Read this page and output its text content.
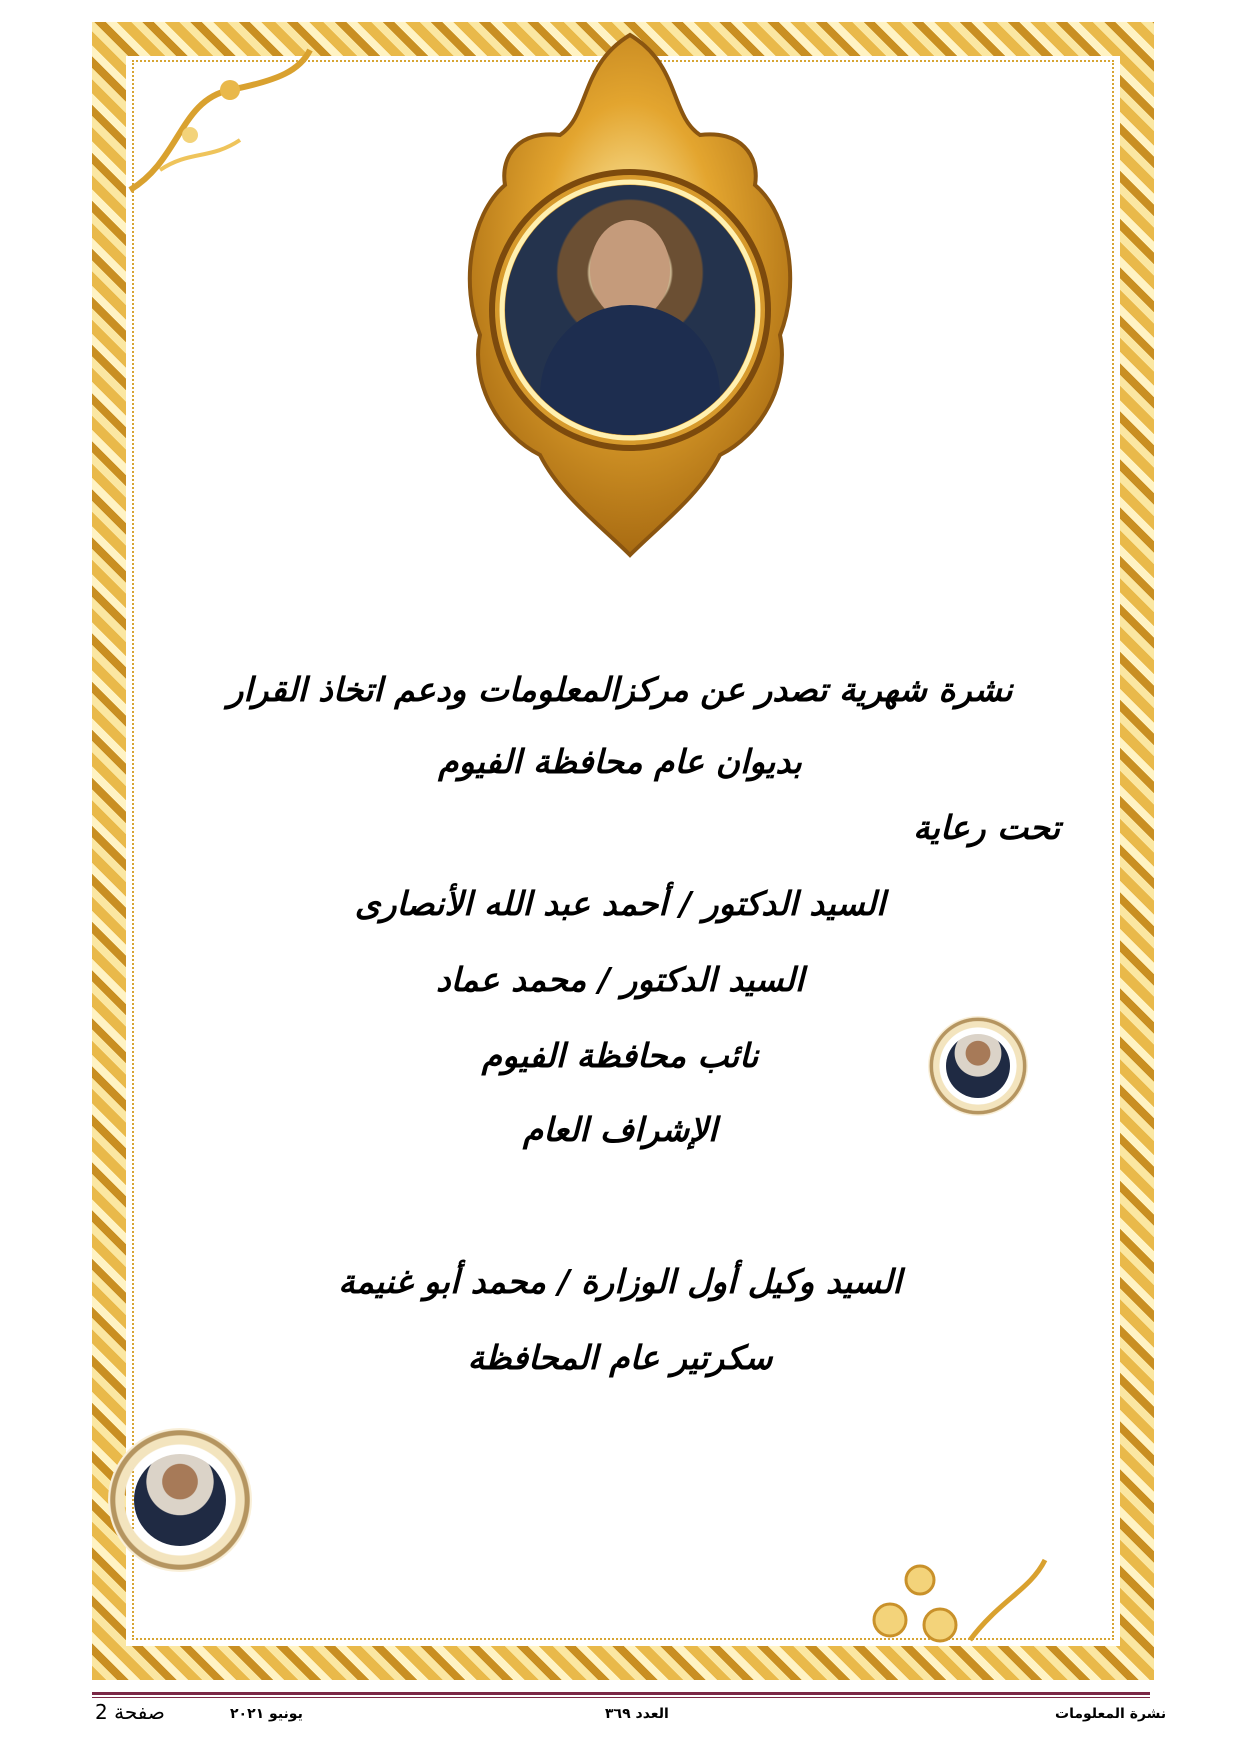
نشرة شهرية تصدر عن مركزالمعلومات ودعم اتخاذ القرار
بديوان عام محافظة الفيوم
تحت رعاية
السيد الدكتور / أحمد عبد الله الأنصارى
السيد الدكتور / محمد عماد
نائب محافظة الفيوم
الإشراف العام
السيد وكيل أول الوزارة / محمد أبو غنيمة
سكرتير عام المحافظة
صفحة 2	يونيو ٢٠٢١	العدد ٣٦٩	نشرة المعلومات
